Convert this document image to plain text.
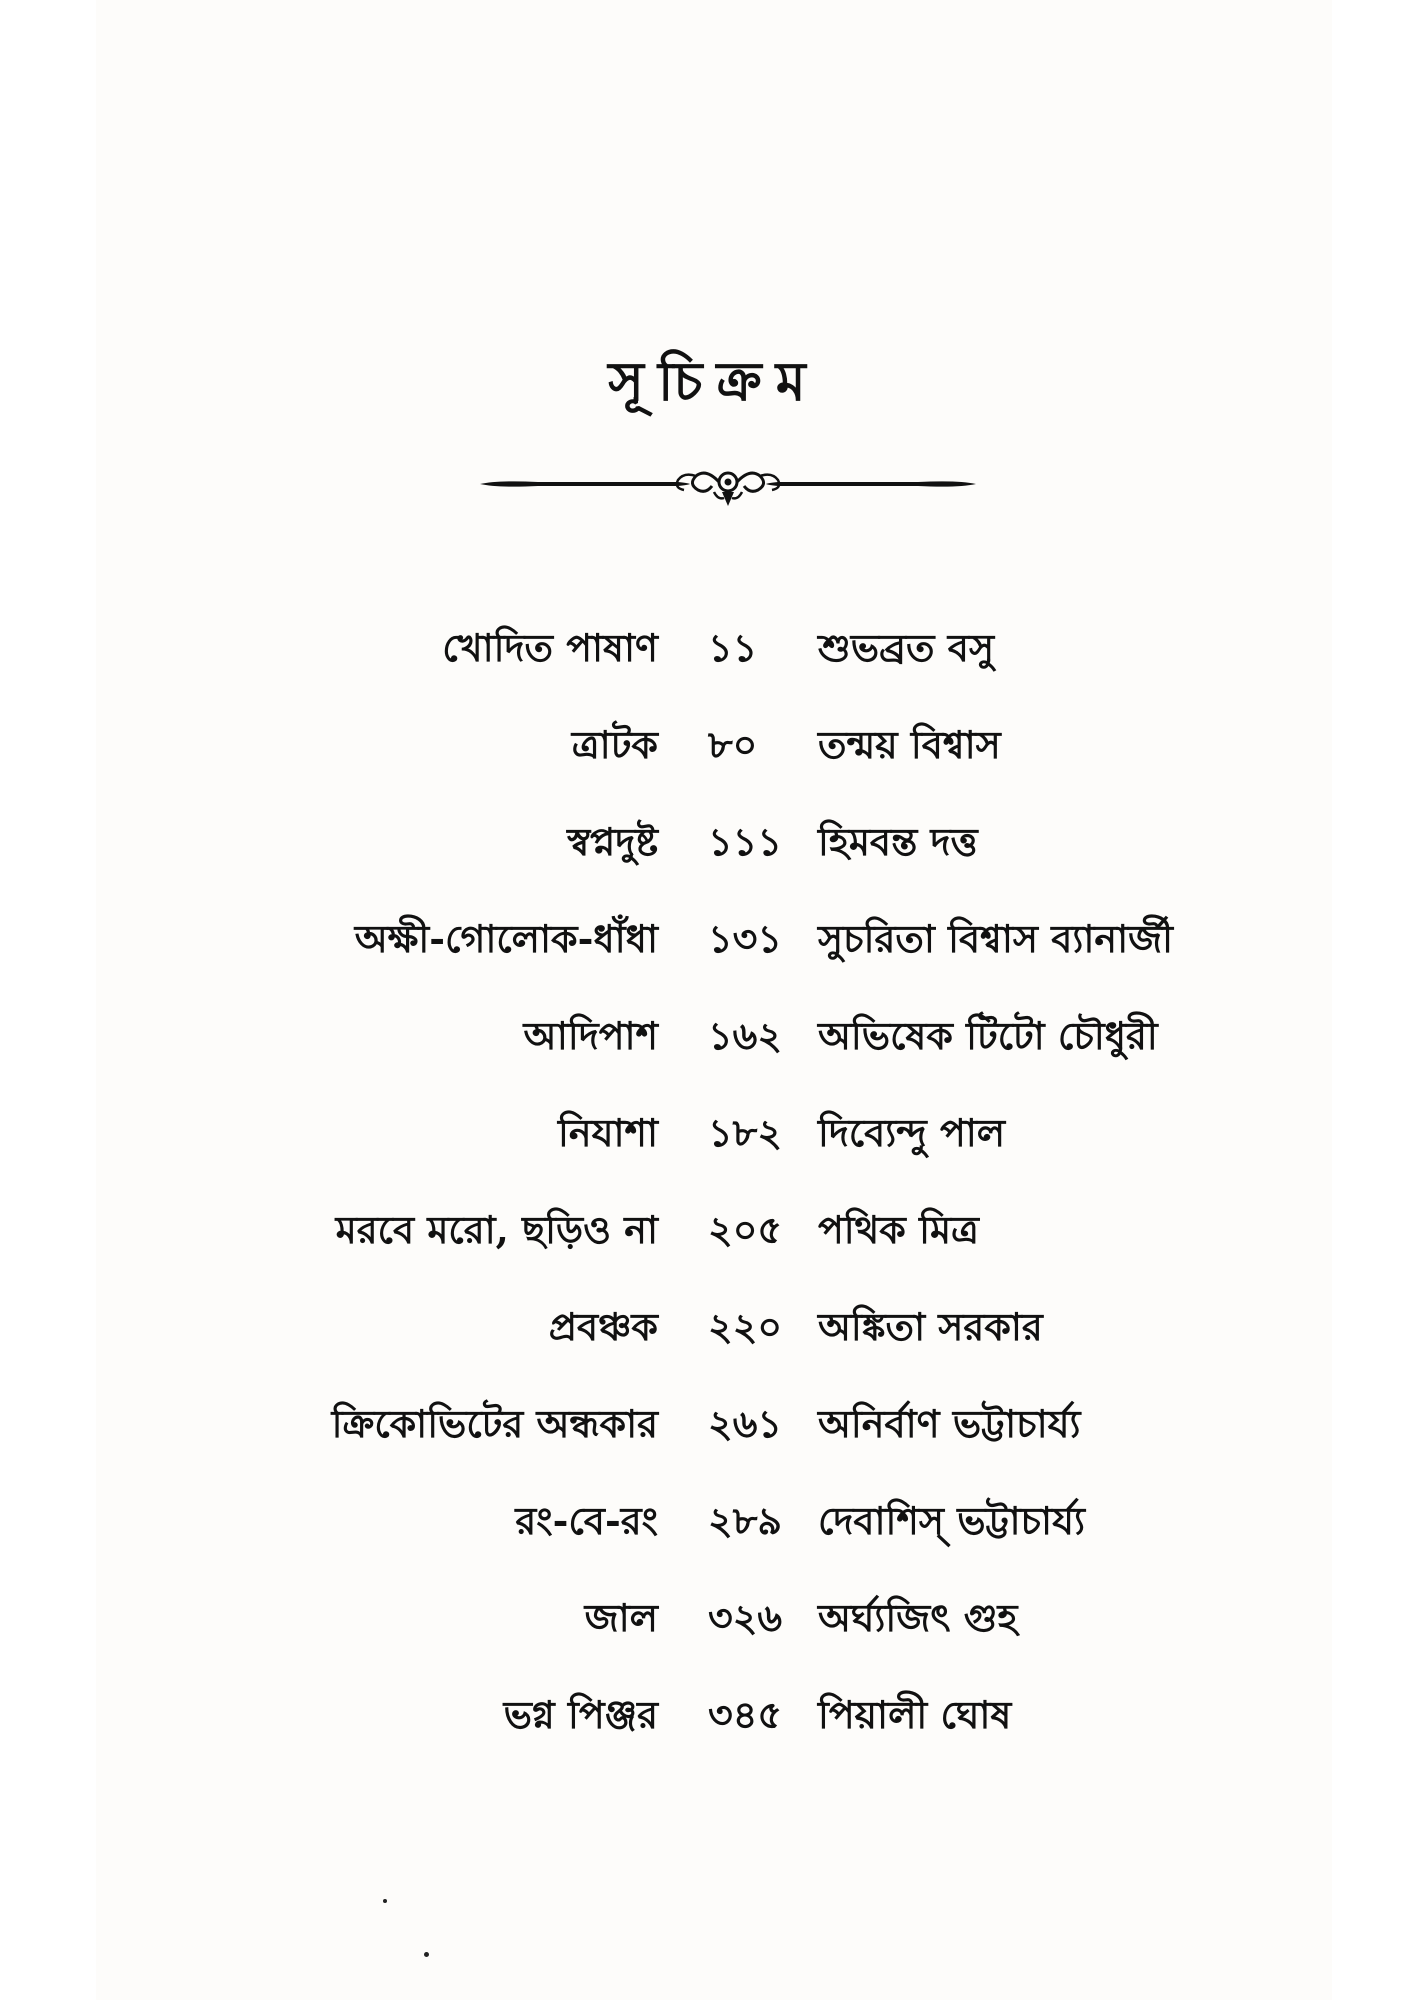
সূচিক্রম
খোদিত পাষাণ ১১ শুভব্রত বসু
ত্রাটক ৮০ তন্ময় বিশ্বাস
স্বপ্নদুষ্ট ১১১ হিমবন্ত দত্ত
অক্ষী-গোলোক-ধাঁধা ১৩১ সুচরিতা বিশ্বাস ব্যানার্জী
আদিপাশ ১৬২ অভিষেক টিটো চৌধুরী
নিযাশা ১৮২ দিব্যেন্দু পাল
মরবে মরো, ছড়িও না ২০৫ পথিক মিত্র
প্রবঞ্চক ২২০ অঙ্কিতা সরকার
ক্রিকোভিটের অন্ধকার ২৬১ অনির্বাণ ভট্টাচার্য্য
রং-বে-রং ২৮৯ দেবাশিস্ ভট্টাচার্য্য
জাল ৩২৬ অর্ঘ্যজিৎ গুহ
ভগ্ন পিঞ্জর ৩৪৫ পিয়ালী ঘোষ
